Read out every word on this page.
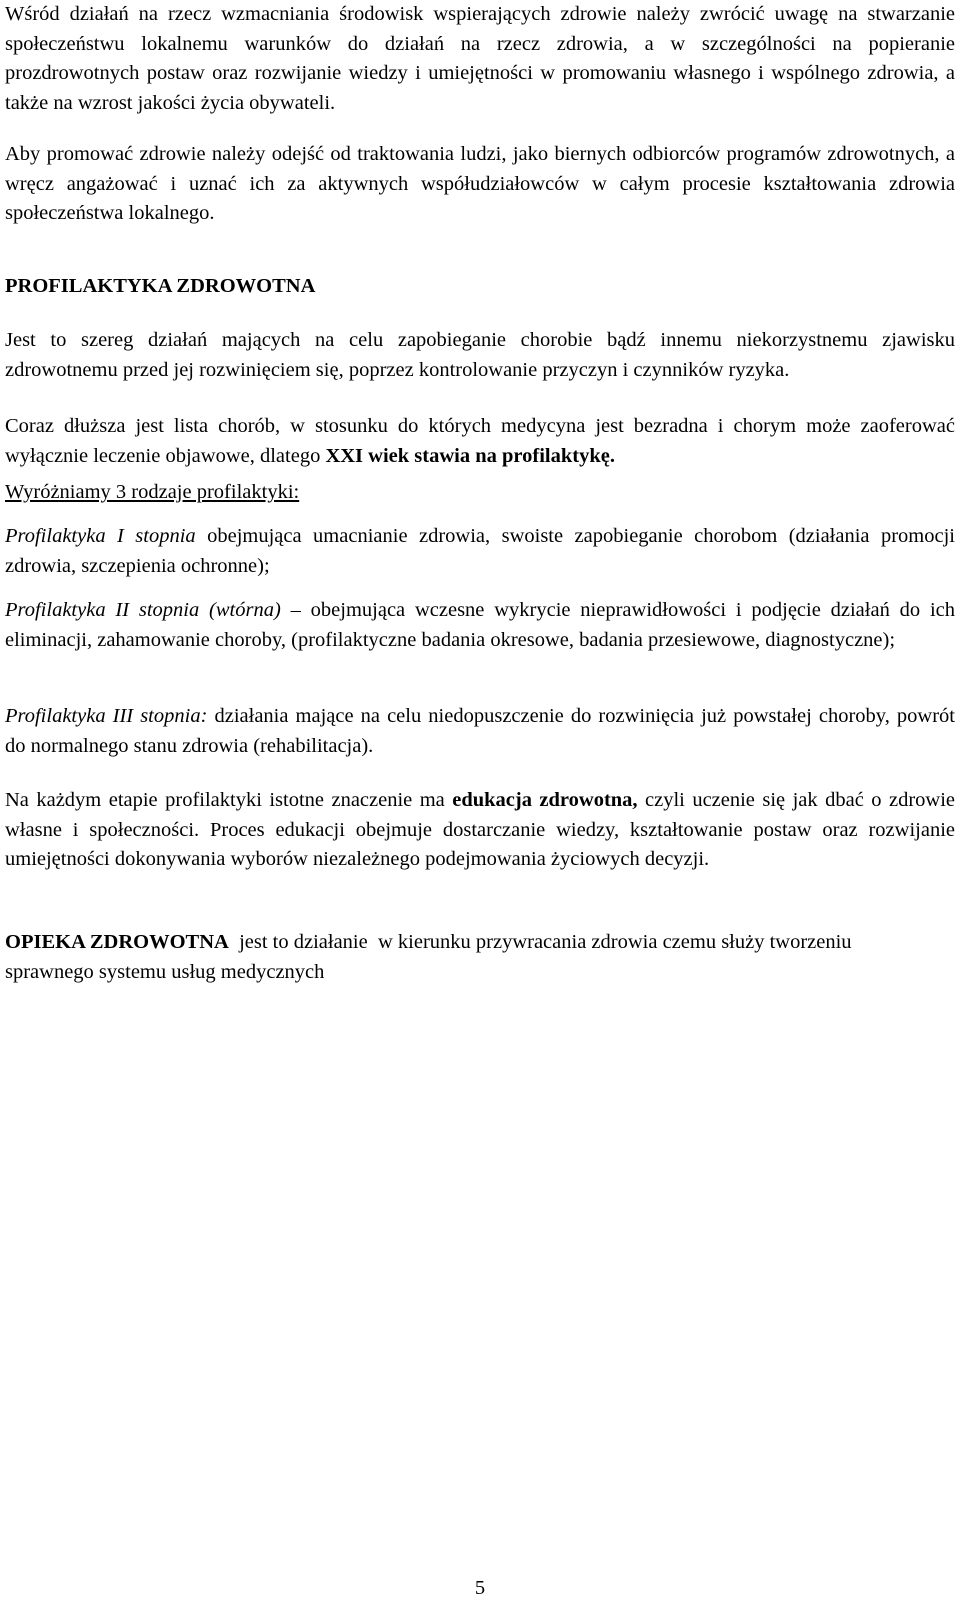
Wśród działań na rzecz wzmacniania środowisk wspierających zdrowie należy zwrócić uwagę na stwarzanie społeczeństwu lokalnemu warunków do działań na rzecz zdrowia, a w szczególności na popieranie prozdrowotnych postaw oraz rozwijanie wiedzy i umiejętności w promowaniu własnego i wspólnego zdrowia, a także na wzrost jakości życia obywateli.

Aby promować zdrowie należy odejść od traktowania ludzi, jako biernych odbiorców programów zdrowotnych, a wręcz angażować i uznać ich za aktywnych współudziałowców w całym procesie kształtowania zdrowia społeczeństwa lokalnego.

PROFILAKTYKA ZDROWOTNA

Jest to szereg działań mających na celu zapobieganie chorobie bądź innemu niekorzystnemu zjawisku zdrowotnemu przed jej rozwinięciem się, poprzez kontrolowanie przyczyn i czynników ryzyka.

Coraz dłuższa jest lista chorób, w stosunku do których medycyna jest bezradna i chorym może zaoferować wyłącznie leczenie objawowe, dlatego XXI wiek stawia na profilaktykę.

Wyróżniamy 3 rodzaje profilaktyki:

Profilaktyka I stopnia obejmująca umacnianie zdrowia, swoiste zapobieganie chorobom (działania promocji zdrowia, szczepienia ochronne);

Profilaktyka II stopnia (wtórna) – obejmująca wczesne wykrycie nieprawidłowości i podjęcie działań do ich eliminacji, zahamowanie choroby, (profilaktyczne badania okresowe, badania przesiewowe, diagnostyczne);

Profilaktyka III stopnia: działania mające na celu niedopuszczenie do rozwinięcia już powstałej choroby, powrót do normalnego stanu zdrowia (rehabilitacja).

Na każdym etapie profilaktyki istotne znaczenie ma edukacja zdrowotna, czyli uczenie się jak dbać o zdrowie własne i społeczności. Proces edukacji obejmuje dostarczanie wiedzy, kształtowanie postaw oraz rozwijanie umiejętności dokonywania wyborów niezależnego podejmowania życiowych decyzji.

OPIEKA ZDROWOTNA  jest to działanie  w kierunku przywracania zdrowia czemu służy tworzeniu sprawnego systemu usług medycznych

5
